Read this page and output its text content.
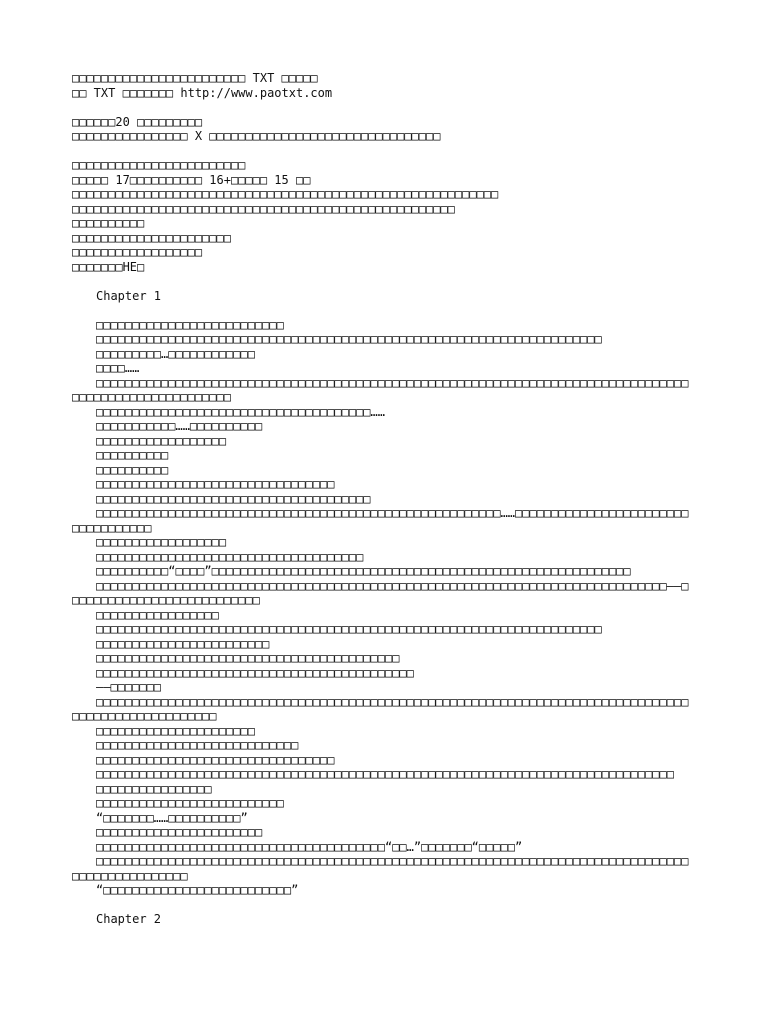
□□□□□□□□□□□□□□□□□□□□□□□□ TXT □□□□□
□□ TXT □□□□□□□ http://www.paotxt.com
□□□□□□20 □□□□□□□□□
□□□□□□□□□□□□□□□□ X □□□□□□□□□□□□□□□□□□□□□□□□□□□□□□□□
□□□□□□□□□□□□□□□□□□□□□□□□
□□□□□ 17□□□□□□□□□□ 16+□□□□□ 15 □□
□□□□□□□□□□□□□□□□□□□□□□□□□□□□□□□□□□□□□□□□□□□□□□□□□□□□□□□□□□□
□□□□□□□□□□□□□□□□□□□□□□□□□□□□□□□□□□□□□□□□□□□□□□□□□□□□□
□□□□□□□□□□
□□□□□□□□□□□□□□□□□□□□□□
□□□□□□□□□□□□□□□□□□
□□□□□□□HE□
Chapter 1
□□□□□□□□□□□□□□□□□□□□□□□□□□
□□□□□□□□□□□□□□□□□□□□□□□□□□□□□□□□□□□□□□□□□□□□□□□□□□□□□□□□□□□□□□□□□□□□□□
□□□□□□□□□…□□□□□□□□□□□□
□□□□……
□□□□□□□□□□□□□□□□□□□□□□□□□□□□□□□□□□□□□□□□□□□□□□□□□□□□□□□□□□□□□□□□□□□□□□□□□□□□□□□□□□□□□□□□□□□□□□□□□□□□□□□□
□□□□□□□□□□□□□□□□□□□□□□□□□□□□□□□□□□□□□□……
□□□□□□□□□□□……□□□□□□□□□□
□□□□□□□□□□□□□□□□□□
□□□□□□□□□□
□□□□□□□□□□
□□□□□□□□□□□□□□□□□□□□□□□□□□□□□□□□□
□□□□□□□□□□□□□□□□□□□□□□□□□□□□□□□□□□□□□□
□□□□□□□□□□□□□□□□□□□□□□□□□□□□□□□□□□□□□□□□□□□□□□□□□□□□□□□□……□□□□□□□□□□□□□□□□□□□□□□□□□□□□□□□□□□□
□□□□□□□□□□□□□□□□□□
□□□□□□□□□□□□□□□□□□□□□□□□□□□□□□□□□□□□□
□□□□□□□□□□“□□□□”□□□□□□□□□□□□□□□□□□□□□□□□□□□□□□□□□□□□□□□□□□□□□□□□□□□□□□□□□□
□□□□□□□□□□□□□□□□□□□□□□□□□□□□□□□□□□□□□□□□□□□□□□□□□□□□□□□□□□□□□□□□□□□□□□□□□□□□□□□——□□□□□□□□□□□□□□□□□□□□□□□□□□□
□□□□□□□□□□□□□□□□□
□□□□□□□□□□□□□□□□□□□□□□□□□□□□□□□□□□□□□□□□□□□□□□□□□□□□□□□□□□□□□□□□□□□□□□
□□□□□□□□□□□□□□□□□□□□□□□□
□□□□□□□□□□□□□□□□□□□□□□□□□□□□□□□□□□□□□□□□□□
□□□□□□□□□□□□□□□□□□□□□□□□□□□□□□□□□□□□□□□□□□□□
——□□□□□□□
□□□□□□□□□□□□□□□□□□□□□□□□□□□□□□□□□□□□□□□□□□□□□□□□□□□□□□□□□□□□□□□□□□□□□□□□□□□□□□□□□□□□□□□□□□□□□□□□□□□□□□
□□□□□□□□□□□□□□□□□□□□□□
□□□□□□□□□□□□□□□□□□□□□□□□□□□□
□□□□□□□□□□□□□□□□□□□□□□□□□□□□□□□□□
□□□□□□□□□□□□□□□□□□□□□□□□□□□□□□□□□□□□□□□□□□□□□□□□□□□□□□□□□□□□□□□□□□□□□□□□□□□□□□□□
□□□□□□□□□□□□□□□□
□□□□□□□□□□□□□□□□□□□□□□□□□□
“□□□□□□□……□□□□□□□□□□”
□□□□□□□□□□□□□□□□□□□□□□□
□□□□□□□□□□□□□□□□□□□□□□□□□□□□□□□□□□□□□□□□“□□…”□□□□□□□“□□□□□”
□□□□□□□□□□□□□□□□□□□□□□□□□□□□□□□□□□□□□□□□□□□□□□□□□□□□□□□□□□□□□□□□□□□□□□□□□□□□□□□□□□□□□□□□□□□□□□□□□□
“□□□□□□□□□□□□□□□□□□□□□□□□□□”
Chapter 2
